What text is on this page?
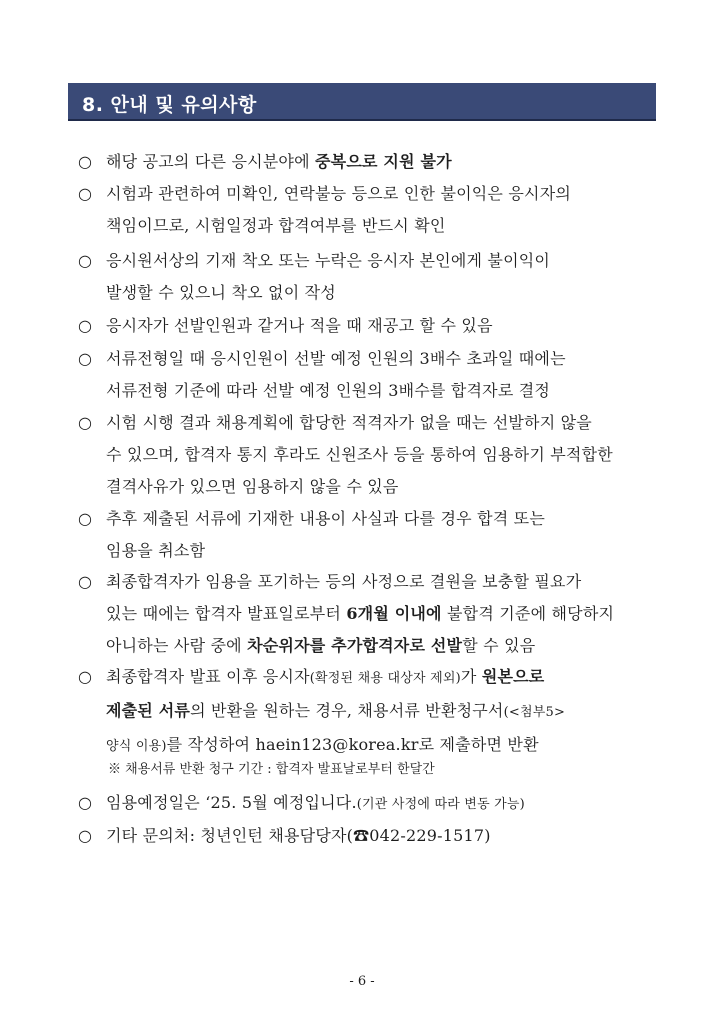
8. 안내 및 유의사항
○ 해당 공고의 다른 응시분야에 중복으로 지원 불가
○ 시험과 관련하여 미확인, 연락불능 등으로 인한 불이익은 응시자의
책임이므로, 시험일정과 합격여부를 반드시 확인
○ 응시원서상의 기재 착오 또는 누락은 응시자 본인에게 불이익이
발생할 수 있으니 착오 없이 작성
○ 응시자가 선발인원과 같거나 적을 때 재공고 할 수 있음
○ 서류전형일 때 응시인원이 선발 예정 인원의 3배수 초과일 때에는
서류전형 기준에 따라 선발 예정 인원의 3배수를 합격자로 결정
○ 시험 시행 결과 채용계획에 합당한 적격자가 없을 때는 선발하지 않을
수 있으며, 합격자 통지 후라도 신원조사 등을 통하여 임용하기 부적합한
결격사유가 있으면 임용하지 않을 수 있음
○ 추후 제출된 서류에 기재한 내용이 사실과 다를 경우 합격 또는
임용을 취소함
○ 최종합격자가 임용을 포기하는 등의 사정으로 결원을 보충할 필요가
있는 때에는 합격자 발표일로부터 6개월 이내에 불합격 기준에 해당하지
아니하는 사람 중에 차순위자를 추가합격자로 선발할 수 있음
○ 최종합격자 발표 이후 응시자(확정된 채용 대상자 제외)가 원본으로
제출된 서류의 반환을 원하는 경우, 채용서류 반환청구서(<첨부5>
양식 이용)를 작성하여 haein123@korea.kr로 제출하면 반환
※ 채용서류 반환 청구 기간 : 합격자 발표날로부터 한달간
○ 임용예정일은 ‘25. 5월 예정입니다.(기관 사정에 따라 변동 가능)
○ 기타 문의처: 청년인턴 채용담당자(☎042-229-1517)
- 6 -
